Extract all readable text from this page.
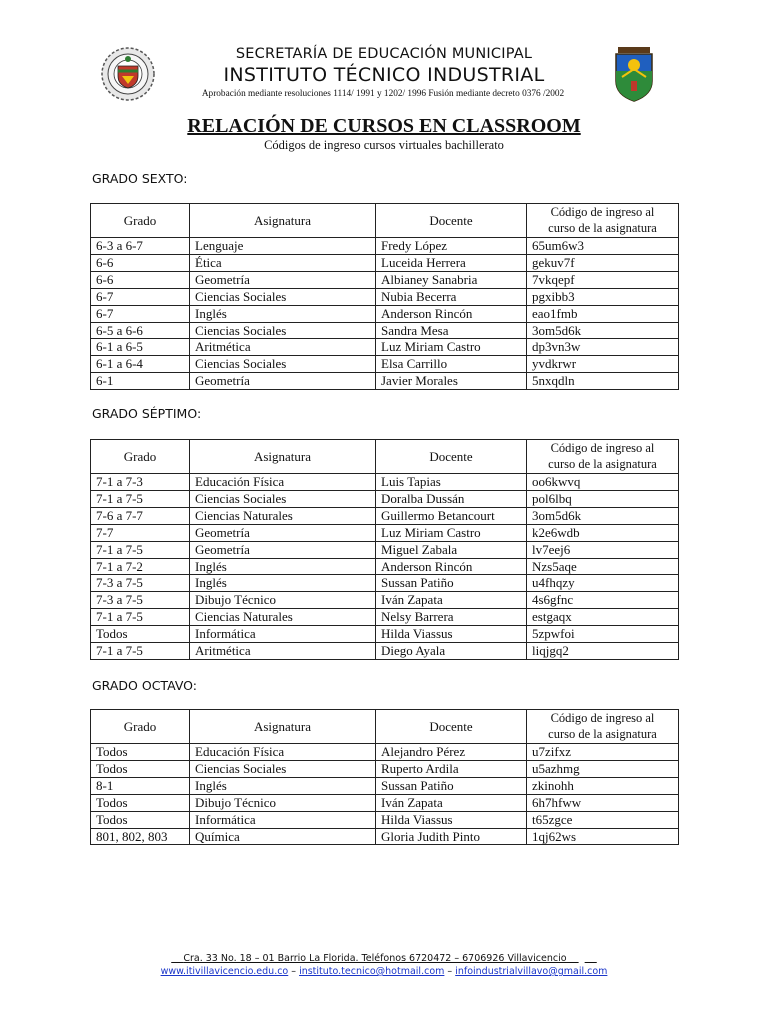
SECRETARÍA DE EDUCACIÓN MUNICIPAL
INSTITUTO TÉCNICO INDUSTRIAL
Aprobación mediante resoluciones 1114/ 1991 y 1202/ 1996 Fusión mediante decreto 0376 /2002
RELACIÓN DE CURSOS EN CLASSROOM
Códigos de ingreso cursos virtuales bachillerato
GRADO SEXTO:
Grado	Asignatura	Docente	Código de ingreso al
curso de la asignatura

6-3 a 6-7	Lenguaje	Fredy López	65um6w3
6-6	Ética	Luceida Herrera	gekuv7f
6-6	Geometría	Albianey Sanabria	7vkqepf
6-7	Ciencias Sociales	Nubia Becerra	pgxibb3
6-7	Inglés	Anderson Rincón	eao1fmb
6-5 a 6-6	Ciencias Sociales	Sandra Mesa	3om5d6k
6-1 a 6-5	Aritmética	Luz Miriam Castro	dp3vn3w
6-1 a 6-4	Ciencias Sociales	Elsa Carrillo	yvdkrwr
6-1	Geometría	Javier Morales	5nxqdln
GRADO SÉPTIMO:
Grado	Asignatura	Docente	Código de ingreso al
curso de la asignatura

7-1 a 7-3	Educación Física	Luis Tapias	oo6kwvq
7-1 a 7-5	Ciencias Sociales	Doralba Dussán	pol6lbq
7-6 a 7-7	Ciencias Naturales	Guillermo Betancourt	3om5d6k
7-7	Geometría	Luz Miriam Castro	k2e6wdb
7-1 a 7-5	Geometría	Miguel Zabala	lv7eej6
7-1 a 7-2	Inglés	Anderson Rincón	Nzs5aqe
7-3 a 7-5	Inglés	Sussan Patiño	u4fhqzy
7-3 a 7-5	Dibujo Técnico	Iván Zapata	4s6gfnc
7-1 a 7-5	Ciencias Naturales	Nelsy Barrera	estgaqx
Todos	Informática	Hilda Viassus	5zpwfoi
7-1 a 7-5	Aritmética	Diego Ayala	liqjgq2
GRADO OCTAVO:
Grado	Asignatura	Docente	Código de ingreso al
curso de la asignatura

Todos	Educación Física	Alejandro Pérez	u7zifxz
Todos	Ciencias Sociales	Ruperto Ardila	u5azhmg
8-1	Inglés	Sussan Patiño	zkinohh
Todos	Dibujo Técnico	Iván Zapata	6h7hfww
Todos	Informática	Hilda Viassus	t65zgce
801, 802, 803	Química	Gloria Judith Pinto	1qj62ws
Cra. 33 No. 18 – 01 Barrio La Florida. Teléfonos 6720472 – 6706926 Villavicencio
www.itivillavicencio.edu.co – instituto.tecnico@hotmail.com – infoindustrialvillavo@gmail.com
